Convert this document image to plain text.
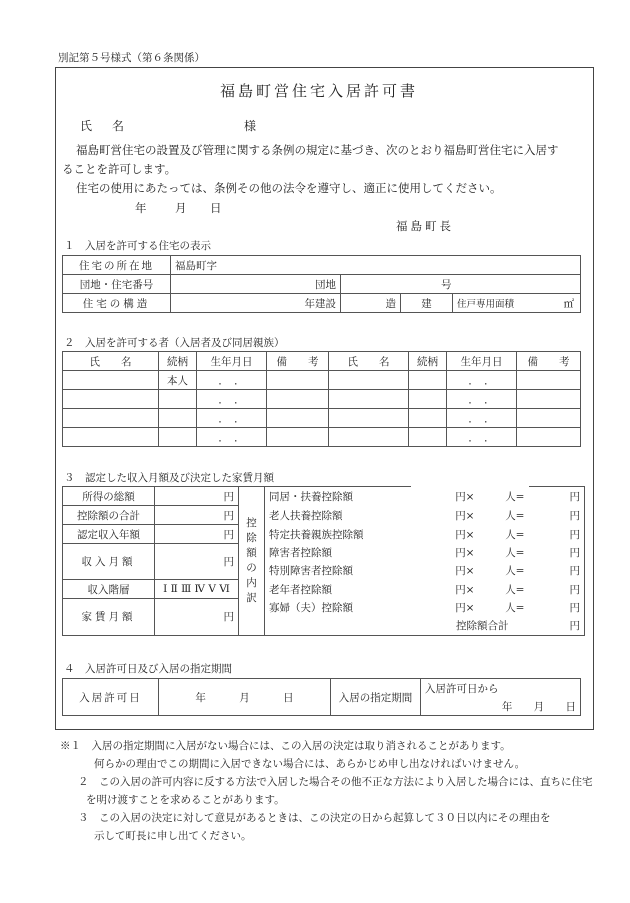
別記第５号様式（第６条関係）
福島町営住宅入居許可書
氏　名	様
福島町営住宅の設置及び管理に関する条例の規定に基づき、次のとおり福島町営住宅に入居す
ることを許可します。
住宅の使用にあたっては、条例その他の法令を遵守し、適正に使用してください。
年 月 日
福島町長
１　入居を許可する住宅の表示
住宅の所在地	福島町字			
団地・住宅番号	団地	号		
住宅の構造	年建設	造	建	住戸専用面積 ㎡
２　入居を許可する者（入居者及び同居親族）
氏　　名	続柄	生年月日	備　　考	氏　　名	続柄	生年月日	備　　考
	本人	．　．				．　．	
		．　．				．　．	
		．　．				．　．	
		．　．				．　．	
３　認定した収入月額及び決定した家賃月額
所得の総額	円	控除額の内訳	同居・扶養控除額	円×	人=	円
控除額の合計	円		老人扶養控除額	円×	人=	円
認定収入年額	円		特定扶養親族控除額	円×	人=	円
収入月額	円		障害者控除額	円×	人=	円
			特別障害者控除額	円×	人=	円
収入階層	Ⅰ Ⅱ Ⅲ Ⅳ Ⅴ Ⅵ		老年者控除額	円×	人=	円
家賃月額	円		寡婦（夫）控除額	円×	人=	円
			控除額合計			円
４　入居許可日及び入居の指定期間
入居許可日	年	月	日	入居の指定期間	入居許可日から
年 月 日
※１　入居の指定期間に入居がない場合には、この入居の決定は取り消されることがあります。
何らかの理由でこの期間に入居できない場合には、あらかじめ申し出なければいけません。
２　この入居の許可内容に反する方法で入居した場合その他不正な方法により入居した場合には、直ちに住宅
を明け渡すことを求めることがあります。
３　この入居の決定に対して意見があるときは、この決定の日から起算して３０日以内にその理由を
示して町長に申し出てください。
